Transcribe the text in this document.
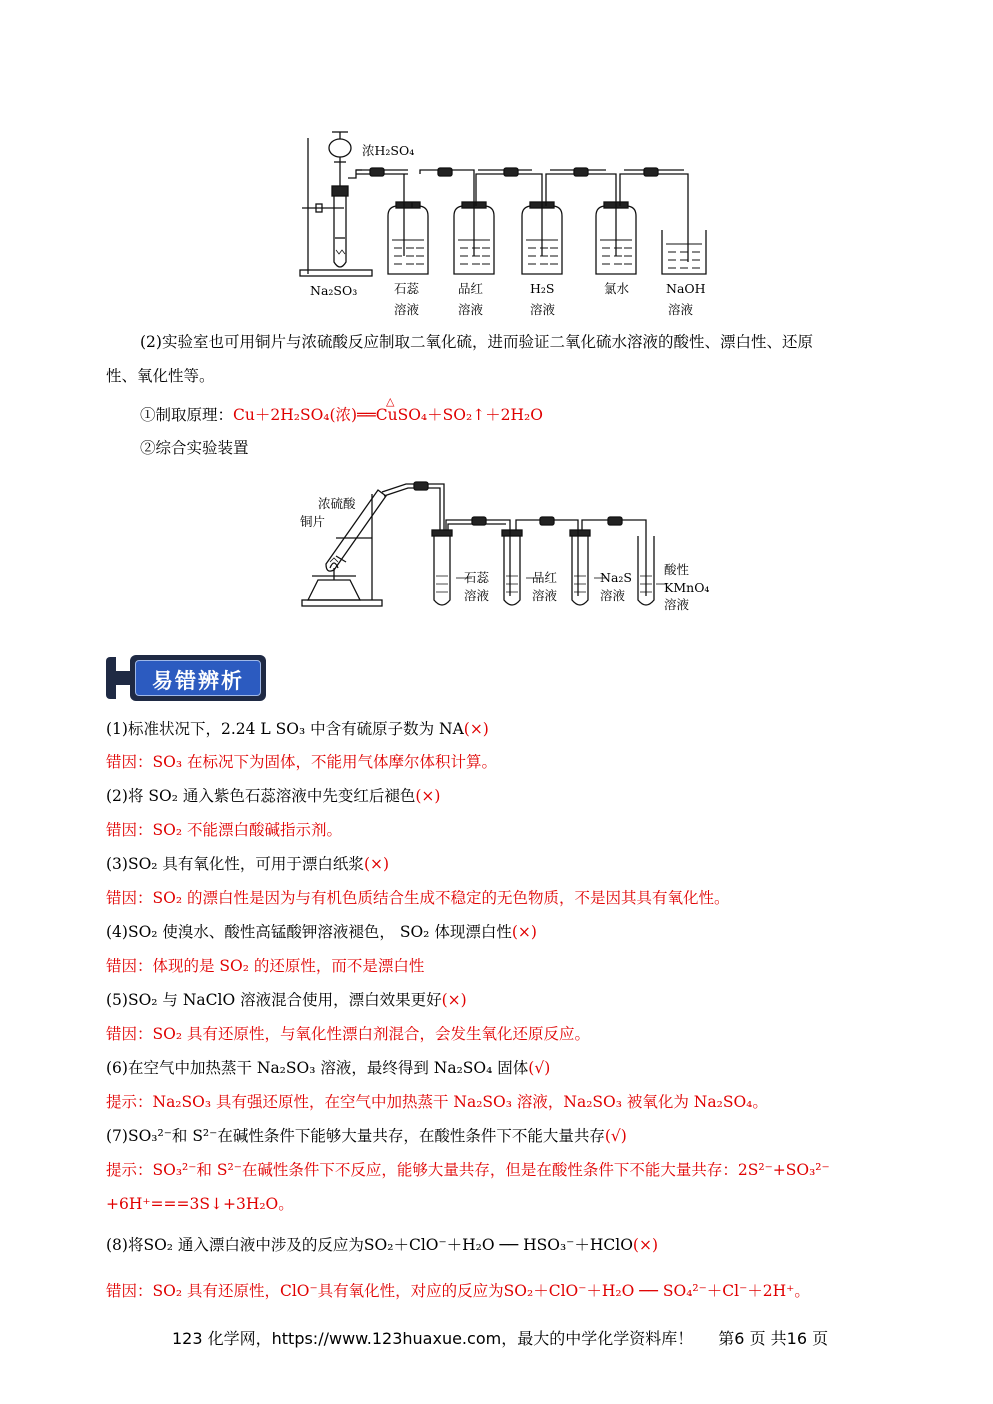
浓H₂SO₄
Na₂SO₃	石蕊
溶液
品红
溶液
H₂S
溶液
氯水	NaOH
溶液
(2)实验室也可用铜片与浓硫酸反应制取二氧化硫，进而验证二氧化硫水溶液的酸性、漂白性、还原
性、氧化性等。
①制取原理：Cu＋2H₂SO₄(浓)══CuSO₄＋SO₂↑＋2H₂O
△
②综合实验装置
浓硫酸
铜片
石蕊
溶液
品红
溶液
Na₂S
溶液
酸性
KMnO₄
溶液
易错辨析
(1)标准状况下，2.24 L SO₃ 中含有硫原子数为 NA(×)
错因：SO₃ 在标况下为固体，不能用气体摩尔体积计算。
(2)将 SO₂ 通入紫色石蕊溶液中先变红后褪色(×)
错因：SO₂ 不能漂白酸碱指示剂。
(3)SO₂ 具有氧化性，可用于漂白纸浆(×)
错因：SO₂ 的漂白性是因为与有机色质结合生成不稳定的无色物质，不是因其具有氧化性。
(4)SO₂ 使溴水、酸性高锰酸钾溶液褪色， SO₂ 体现漂白性(×)
错因：体现的是 SO₂ 的还原性，而不是漂白性
(5)SO₂ 与 NaClO 溶液混合使用，漂白效果更好(×)
错因：SO₂ 具有还原性，与氧化性漂白剂混合，会发生氧化还原反应。
(6)在空气中加热蒸干 Na₂SO₃ 溶液，最终得到 Na₂SO₄ 固体(√)
提示：Na₂SO₃ 具有强还原性，在空气中加热蒸干 Na₂SO₃ 溶液，Na₂SO₃ 被氧化为 Na₂SO₄。
(7)SO₃²⁻和 S²⁻在碱性条件下能够大量共存，在酸性条件下不能大量共存(√)
提示：SO₃²⁻和 S²⁻在碱性条件下不反应，能够大量共存，但是在酸性条件下不能大量共存：2S²⁻+SO₃²⁻
+6H⁺===3S↓+3H₂O。
(8)将SO₂ 通入漂白液中涉及的反应为SO₂＋ClO⁻＋H₂O ── HSO₃⁻＋HClO(×)
错因：SO₂ 具有还原性，ClO⁻具有氧化性，对应的反应为SO₂＋ClO⁻＋H₂O ── SO₄²⁻＋Cl⁻＋2H⁺。
123 化学网，https://www.123huaxue.com，最大的中学化学资料库！ 第6 页 共16 页
